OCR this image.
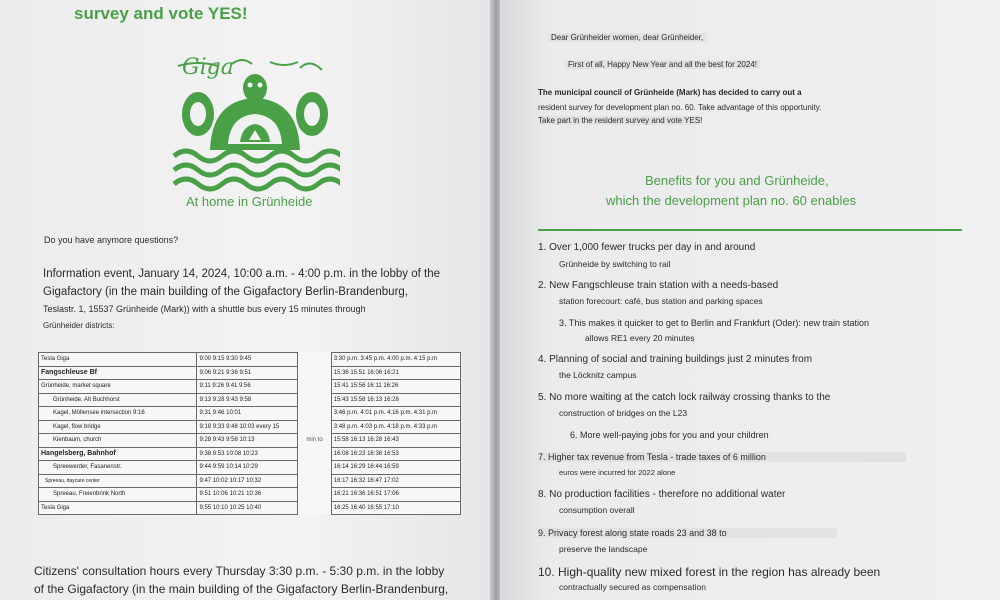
survey and vote YES!
Giga
At home in Grünheide
Do you have anymore questions?
Information event, January 14, 2024, 10:00 a.m. - 4:00 p.m. in the lobby of the
Gigafactory (in the main building of the Gigafactory Berlin-Brandenburg,
Teslastr. 1, 15537 Grünheide (Mark)) with a shuttle bus every 15 minutes through
Grünheider districts:
Tesla Giga	9:00 9:15 9:30 9:45		3:30 p.m. 3:45 p.m. 4:00 p.m. 4:15 p.m
Fangschleuse Bf	9:06 9:21 9:36 9:51		15:36 15:51 16:06 16:21
Grünheide, market square	9:11 9:26 9:41 9:56		15:41 15:56 16:11 16:26
Grünheide, Alt Buchhorst	9:13 9:28 9:43 9:58		15:43 15:58 16:13 16:28
Kagel, Möllensee intersection 9:16	9:31 9:46 10:01		3:46 p.m. 4:01 p.m. 4:16 p.m. 4:31 p.m
Kagel, flow bridge	9:18 9:33 9:48 10:03 every 15		3:48 p.m. 4:03 p.m. 4:18 p.m. 4:33 p.m
Kienbaum, church	9:28 9:43 9:58 10:13	min to	15:58 16:13 16:28 16:43
Hangelsberg, Bahnhof	9:38 9:53 10:08 10:23		16:08 16:23 16:38 16:53
Spreewerder, Fasanenstr.	9:44 9:59 10:14 10:29		16:14 16:29 16:44 16:59
Spreeau, daycare center	9:47 10:02 10:17 10:32		16:17 16:32 16:47 17:02
Spreeau, Freienbrink North	9:51 10:06 10:21 10:36		16:21 16:36 16:51 17:06
Tesla Giga	9:55 10:10 10:25 10:40		16:25 16:40 16:55 17:10
Citizens' consultation hours every Thursday 3:30 p.m. - 5:30 p.m. in the lobby
of the Gigafactory (in the main building of the Gigafactory Berlin-Brandenburg,
Dear Grünheider women, dear Grünheider,
First of all, Happy New Year and all the best for 2024!
The municipal council of Grünheide (Mark) has decided to carry out a
resident survey for development plan no. 60. Take advantage of this opportunity.
Take part in the resident survey and vote YES!
Benefits for you and Grünheide,
which the development plan no. 60 enables
1. Over 1,000 fewer trucks per day in and around
Grünheide by switching to rail
2. New Fangschleuse train station with a needs-based
station forecourt: café, bus station and parking spaces
3. This makes it quicker to get to Berlin and Frankfurt (Oder): new train station
allows RE1 every 20 minutes
4. Planning of social and training buildings just 2 minutes from
the Löcknitz campus
5. No more waiting at the catch lock railway crossing thanks to the
construction of bridges on the L23
6. More well-paying jobs for you and your children
7. Higher tax revenue from Tesla - trade taxes of 6 million
euros were incurred for 2022 alone
8. No production facilities - therefore no additional water
consumption overall
9. Privacy forest along state roads 23 and 38 to
preserve the landscape
10. High-quality new mixed forest in the region has already been
contractually secured as compensation
